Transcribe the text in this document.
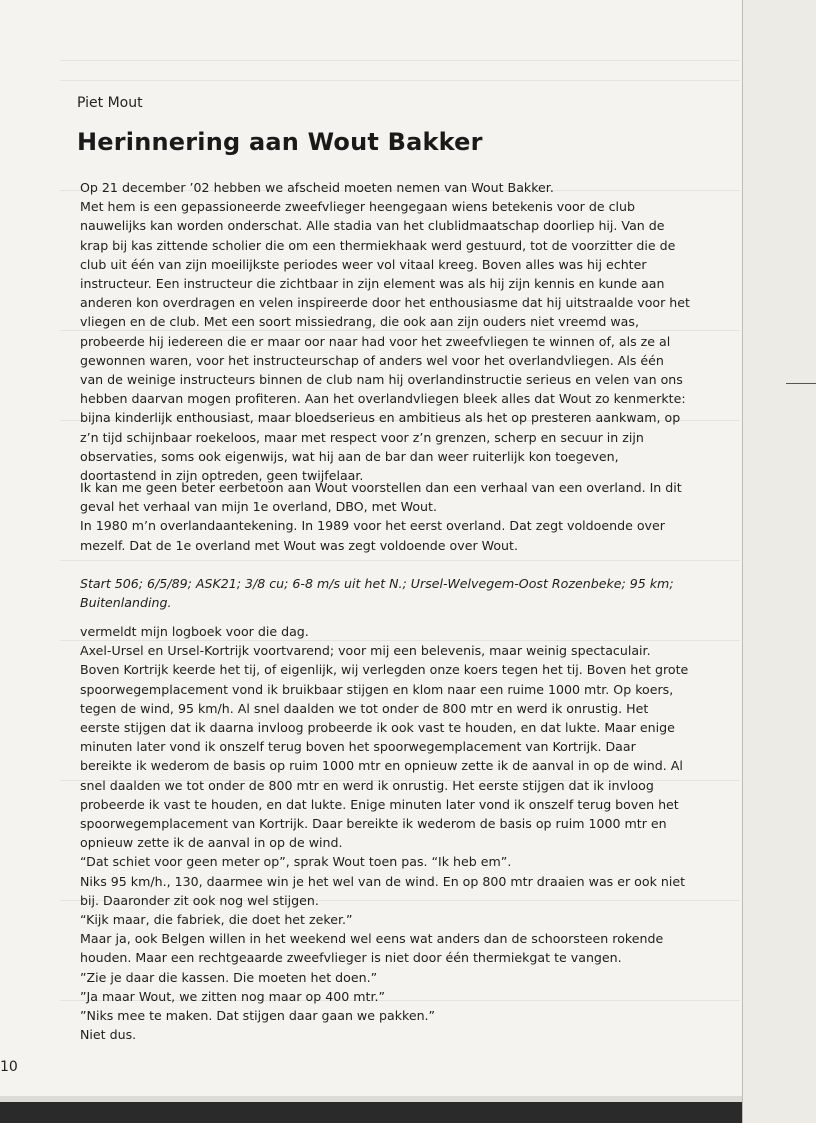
Piet Mout
Herinnering aan Wout Bakker

Op 21 december ’02 hebben we afscheid moeten nemen van Wout Bakker.

Met hem is een gepassioneerde zweefvlieger heengegaan wiens betekenis voor de club nauwelijks kan worden onderschat. Alle stadia van het clublidmaatschap doorliep hij. Van de krap bij kas zittende scholier die om een thermiekhaak werd gestuurd, tot de voorzitter die de club uit één van zijn moeilijkste periodes weer vol vitaal kreeg. Boven alles was hij echter instructeur. Een instructeur die zichtbaar in zijn element was als hij zijn kennis en kunde aan anderen kon overdragen en velen inspireerde door het enthousiasme dat hij uitstraalde voor het vliegen en de club. Met een soort missiedrang, die ook aan zijn ouders niet vreemd was, probeerde hij iedereen die er maar oor naar had voor het zweefvliegen te winnen of, als ze al gewonnen waren, voor het instructeurschap of anders wel voor het overlandvliegen. Als één van de weinige instructeurs binnen de club nam hij overlandinstructie serieus en velen van ons hebben daarvan mogen profiteren. Aan het overlandvliegen bleek alles dat Wout zo kenmerkte: bijna kinderlijk enthousiast, maar bloedserieus en ambitieus als het op presteren aankwam, op z’n tijd schijnbaar roekeloos, maar met respect voor z’n grenzen, scherp en secuur in zijn observaties, soms ook eigenwijs, wat hij aan de bar dan weer ruiterlijk kon toegeven, doortastend in zijn optreden, geen twijfelaar.

Ik kan me geen beter eerbetoon aan Wout voorstellen dan een verhaal van een overland. In dit geval het verhaal van mijn 1e overland, DBO, met Wout.

In 1980 m’n overlandaantekening. In 1989 voor het eerst overland. Dat zegt voldoende over mezelf. Dat de 1e overland met Wout was zegt voldoende over Wout.

Start 506; 6/5/89; ASK21; 3/8 cu; 6-8 m/s uit het N.; Ursel-Welvegem-Oost Rozenbeke; 95 km; Buitenlanding.

vermeldt mijn logboek voor die dag.

Axel-Ursel en Ursel-Kortrijk voortvarend; voor mij een belevenis, maar weinig spectaculair. Boven Kortrijk keerde het tij, of eigenlijk, wij verlegden onze koers tegen het tij. Boven het grote spoorwegemplacement vond ik bruikbaar stijgen en klom naar een ruime 1000 mtr. Op koers, tegen de wind, 95 km/h. Al snel daalden we tot onder de 800 mtr en werd ik onrustig. Het eerste stijgen dat ik daarna invloog probeerde ik ook vast te houden, en dat lukte. Maar enige minuten later vond ik onszelf terug boven het spoorwegemplacement van Kortrijk. Daar bereikte ik wederom de basis op ruim 1000 mtr en opnieuw zette ik de aanval in op de wind. Al snel daalden we tot onder de 800 mtr en werd ik onrustig. Het eerste stijgen dat ik invloog probeerde ik vast te houden, en dat lukte. Enige minuten later vond ik onszelf terug boven het spoorwegemplacement van Kortrijk. Daar bereikte ik wederom de basis op ruim 1000 mtr en opnieuw zette ik de aanval in op de wind.

“Dat schiet voor geen meter op”, sprak Wout toen pas. “Ik heb em”.

Niks 95 km/h., 130, daarmee win je het wel van de wind. En op 800 mtr draaien was er ook niet bij. Daaronder zit ook nog wel stijgen.

“Kijk maar, die fabriek, die doet het zeker.”

Maar ja, ook Belgen willen in het weekend wel eens wat anders dan de schoorsteen rokende houden. Maar een rechtgeaarde zweefvlieger is niet door één thermiekgat te vangen.

”Zie je daar die kassen. Die moeten het doen.”

”Ja maar Wout, we zitten nog maar op 400 mtr.”

”Niks mee te maken. Dat stijgen daar gaan we pakken.”

Niet dus.

10
